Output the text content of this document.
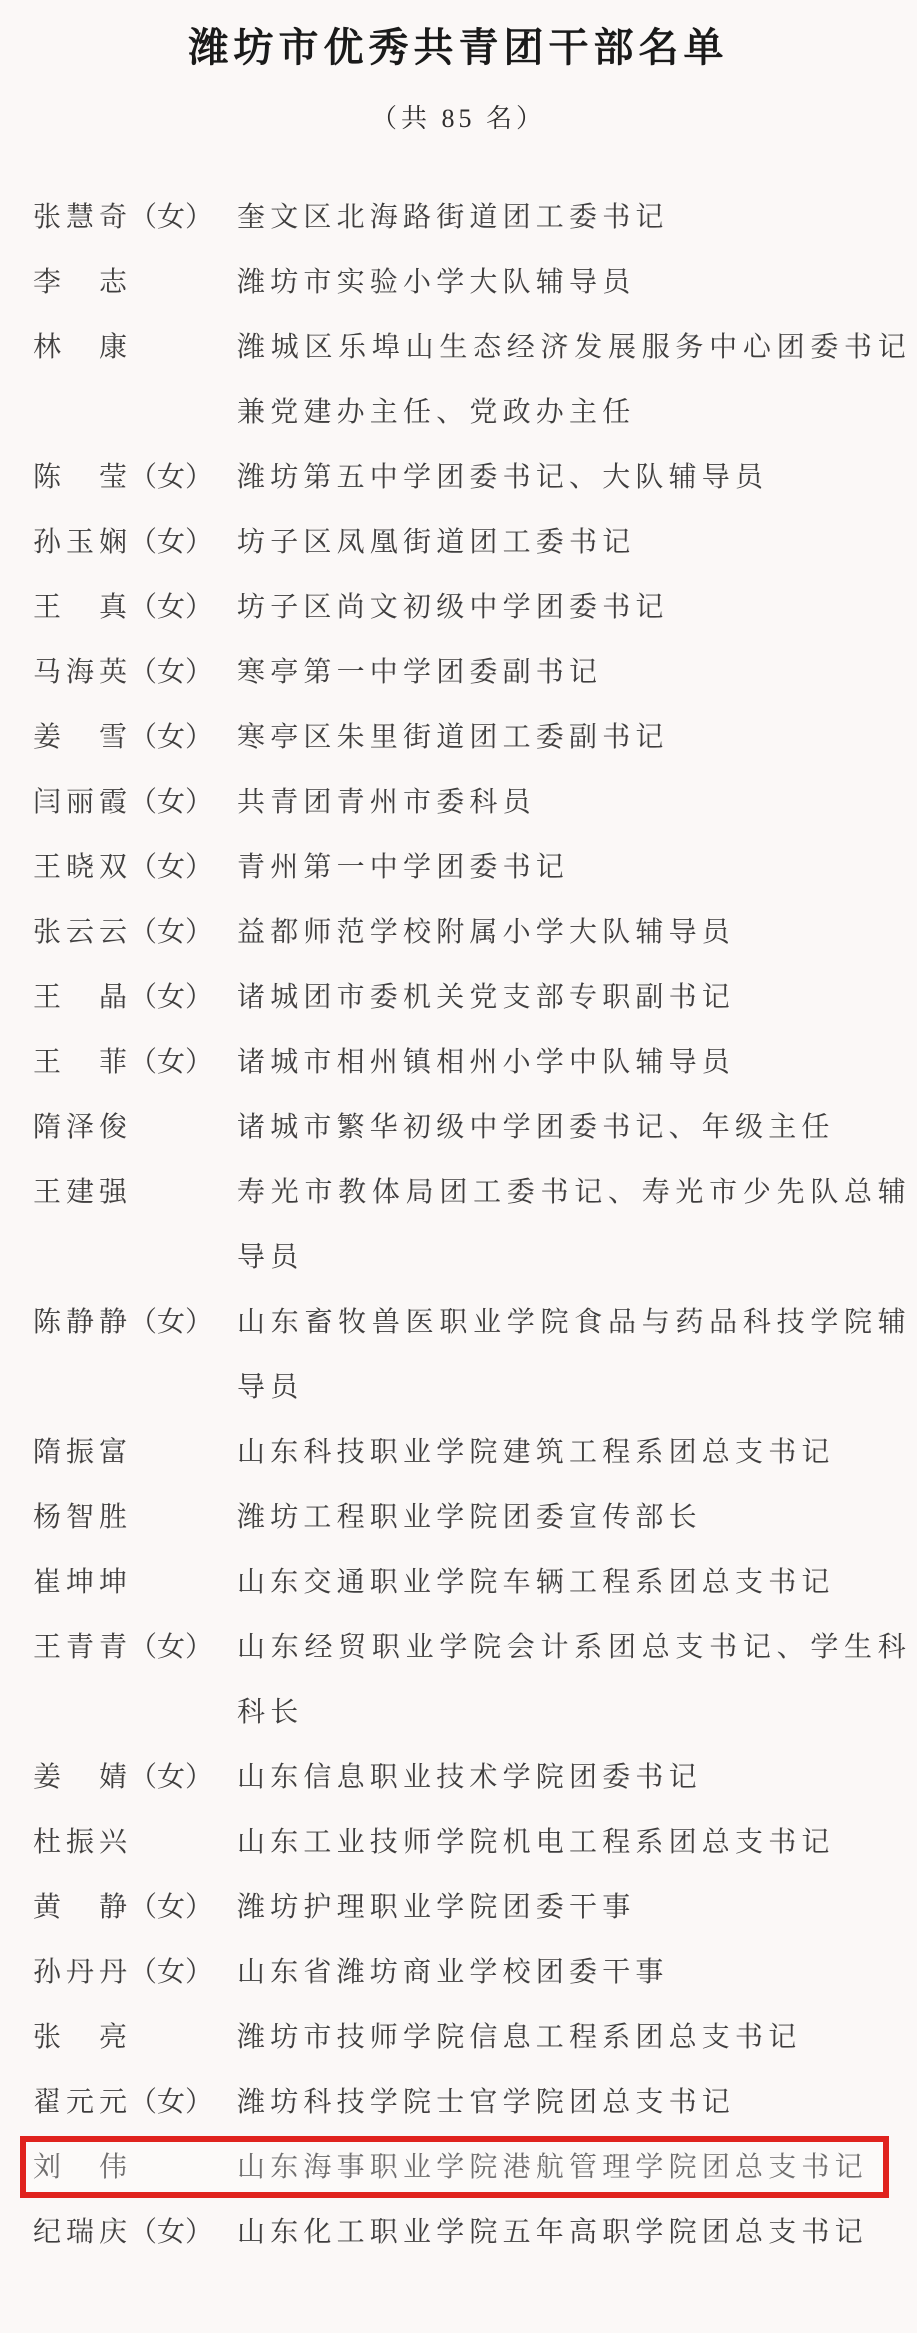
潍坊市优秀共青团干部名单
（共 85 名）
张 慧 奇 （女） 奎文区北海路街道团工委书记
李 志	潍坊市实验小学大队辅导员
林 康	潍城区乐埠山生态经济发展服务中心团委书记兼党建办主任、党政办主任
陈 莹 （女） 潍坊第五中学团委书记、大队辅导员
孙 玉 娴 （女） 坊子区凤凰街道团工委书记
王 真 （女） 坊子区尚文初级中学团委书记
马 海 英 （女） 寒亭第一中学团委副书记
姜 雪 （女） 寒亭区朱里街道团工委副书记
闫 丽 霞 （女） 共青团青州市委科员
王 晓 双 （女） 青州第一中学团委书记
张 云 云 （女） 益都师范学校附属小学大队辅导员
王 晶 （女） 诸城团市委机关党支部专职副书记
王 菲 （女） 诸城市相州镇相州小学中队辅导员
隋 泽 俊	诸城市繁华初级中学团委书记、年级主任
王 建 强	寿光市教体局团工委书记、寿光市少先队总辅导员
陈 静 静 （女） 山东畜牧兽医职业学院食品与药品科技学院辅导员
隋 振 富	山东科技职业学院建筑工程系团总支书记
杨 智 胜	潍坊工程职业学院团委宣传部长
崔 坤 坤	山东交通职业学院车辆工程系团总支书记
王 青 青 （女） 山东经贸职业学院会计系团总支书记、学生科科长
姜 婧 （女） 山东信息职业技术学院团委书记
杜 振 兴	山东工业技师学院机电工程系团总支书记
黄 静 （女） 潍坊护理职业学院团委干事
孙 丹 丹 （女） 山东省潍坊商业学校团委干事
张 亮	潍坊市技师学院信息工程系团总支书记
翟 元 元 （女） 潍坊科技学院士官学院团总支书记
刘 伟	山东海事职业学院港航管理学院团总支书记
纪 瑞 庆 （女） 山东化工职业学院五年高职学院团总支书记
